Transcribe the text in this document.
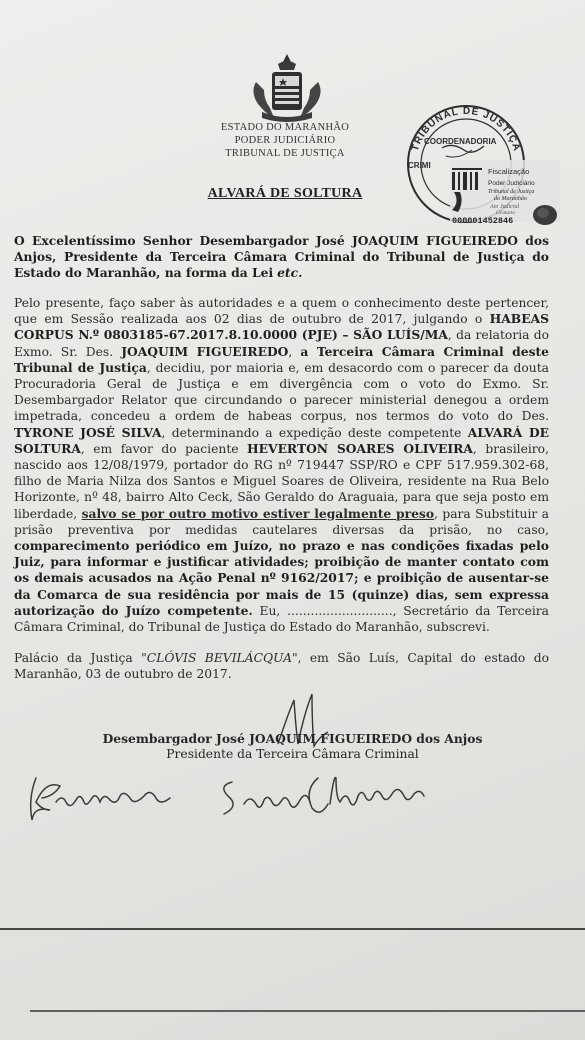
ESTADO DO MARANHÃO
PODER JUDICIÁRIO
TRIBUNAL DE JUSTIÇA
TRIBUNAL DE JUSTIÇA
COORDENADORIA
CRIMI
Fiscalização
Poder Judiciário
Tribunal de Justiça
do Maranhão
Ato Judicial
Gratuito
000001452846
ALVARÁ DE SOLTURA

O Excelentíssimo Senhor Desembargador José JOAQUIM FIGUEIREDO dos Anjos, Presidente da Terceira Câmara Criminal do Tribunal de Justiça do Estado do Maranhão, na forma da Lei etc.

Pelo presente, faço saber às autoridades e a quem o conhecimento deste pertencer, que em Sessão realizada aos 02 dias de outubro de 2017, julgando o HABEAS CORPUS N.º 0803185-67.2017.8.10.0000 (PJE) – SÃO LUÍS/MA, da relatoria do Exmo. Sr. Des. JOAQUIM FIGUEIREDO, a Terceira Câmara Criminal deste Tribunal de Justiça, decidiu, por maioria e, em desacordo com o parecer da douta Procuradoria Geral de Justiça e em divergência com o voto do Exmo. Sr. Desembargador Relator que circundando o parecer ministerial denegou a ordem impetrada, concedeu a ordem de habeas corpus, nos termos do voto do Des. TYRONE JOSÉ SILVA, determinando a expedição deste competente ALVARÁ DE SOLTURA, em favor do paciente HEVERTON SOARES OLIVEIRA, brasileiro, nascido aos 12/08/1979, portador do RG nº 719447 SSP/RO e CPF 517.959.302-68, filho de Maria Nilza dos Santos e Miguel Soares de Oliveira, residente na Rua Belo Horizonte, nº 48, bairro Alto Ceck, São Geraldo do Araguaia, para que seja posto em liberdade, salvo se por outro motivo estiver legalmente preso, para Substituir a prisão preventiva por medidas cautelares diversas da prisão, no caso, comparecimento periódico em Juízo, no prazo e nas condições fixadas pelo Juiz, para informar e justificar atividades; proibição de manter contato com os demais acusados na Ação Penal nº 9162/2017; e proibição de ausentar-se da Comarca de sua residência por mais de 15 (quinze) dias, sem expressa autorização do Juízo competente. Eu, ..........................., Secretário da Terceira Câmara Criminal, do Tribunal de Justiça do Estado do Maranhão, subscrevi.

Palácio da Justiça "CLÓVIS BEVILÁCQUA", em São Luís, Capital do estado do Maranhão, 03 de outubro de 2017.

Desembargador José JOAQUIM FIGUEIREDO dos Anjos
Presidente da Terceira Câmara Criminal
